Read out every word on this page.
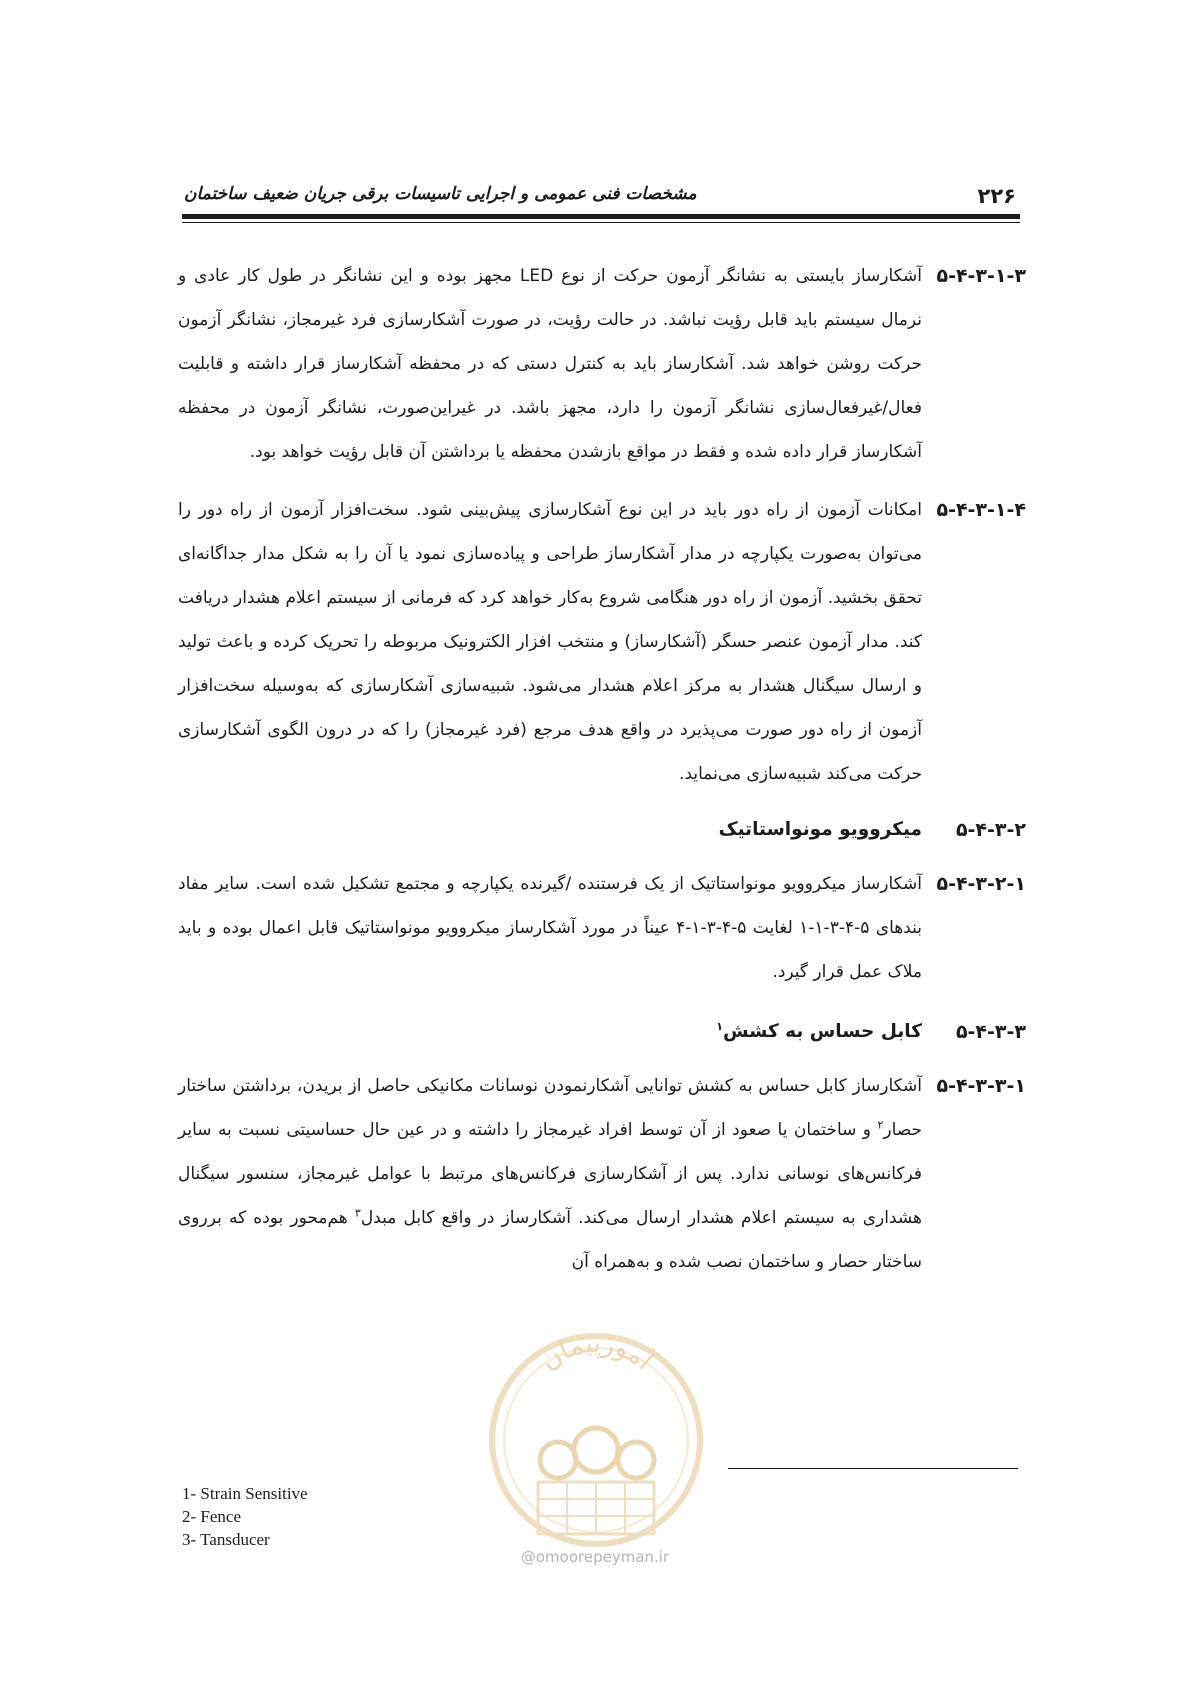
۲۲۶
مشخصات فنی عمومی و اجرایی تاسیسات برقی جریان ضعیف ساختمان
۵-۴-۳-۱-۳
آشکارساز بایستی به نشانگر آزمون حرکت از نوع LED مجهز بوده و این نشانگر در طول کار عادی و نرمال سیستم باید قابل رؤیت نباشد. در حالت رؤیت، در صورت آشکارسازی فرد غیرمجاز، نشانگر آزمون حرکت روشن خواهد شد. آشکارساز باید به کنترل دستی که در محفظه آشکارساز قرار داشته و قابلیت فعال/غیرفعال‌سازی نشانگر آزمون را دارد، مجهز باشد. در غیراین‌صورت، نشانگر آزمون در محفظه آشکارساز قرار داده شده و فقط در مواقع بازشدن محفظه یا برداشتن آن قابل رؤیت خواهد بود.
۵-۴-۳-۱-۴
امکانات آزمون از راه دور باید در این نوع آشکارسازی پیش‌بینی شود. سخت‌افزار آزمون از راه دور را می‌توان به‌صورت یکپارچه در مدار آشکارساز طراحی و پیاده‌سازی نمود یا آن را به شکل مدار جداگانه‌ای تحقق بخشید. آزمون از راه دور هنگامی شروع به‌کار خواهد کرد که فرمانی از سیستم اعلام هشدار دریافت کند. مدار آزمون عنصر حسگر (آشکارساز) و منتخب افزار الکترونیک مربوطه را تحریک کرده و باعث تولید و ارسال سیگنال هشدار به مرکز اعلام هشدار می‌شود. شبیه‌سازی آشکارسازی که به‌وسیله سخت‌افزار آزمون از راه دور صورت می‌پذیرد در واقع هدف مرجع (فرد غیرمجاز) را که در درون الگوی آشکارسازی حرکت می‌کند شبیه‌سازی می‌نماید.
۵-۴-۳-۲
میکروویو مونواستاتیک
۵-۴-۳-۲-۱
آشکارساز میکروویو مونواستاتیک از یک فرستنده /گیرنده یکپارچه و مجتمع تشکیل شده است. سایر مفاد بندهای ۵-۴-۳-۱-۱ لغایت ۵-۴-۳-۱-۴ عیناً در مورد آشکارساز میکروویو مونواستاتیک قابل اعمال بوده و باید ملاک عمل قرار گیرد.
۵-۴-۳-۳
کابل حساس به کشش$^۱$
۵-۴-۳-۳-۱
آشکارساز کابل حساس به کشش توانایی آشکارنمودن نوسانات مکانیکی حاصل از بریدن، برداشتن ساختار حصار$^۲$ و ساختمان یا صعود از آن توسط افراد غیرمجاز را داشته و در عین حال حساسیتی نسبت به سایر فرکانس‌های نوسانی ندارد. پس از آشکارسازی فرکانس‌های مرتبط با عوامل غیرمجاز، سنسور سیگنال هشداری به سیستم اعلام هشدار ارسال می‌کند. آشکارساز در واقع کابل مبدل$^۳$ هم‌محور بوده که برروی ساختار حصار و ساختمان نصب شده و به‌همراه آن
آمورپیمان
@omoorepeyman.ir
1- Strain Sensitive
2- Fence
3- Tansducer
